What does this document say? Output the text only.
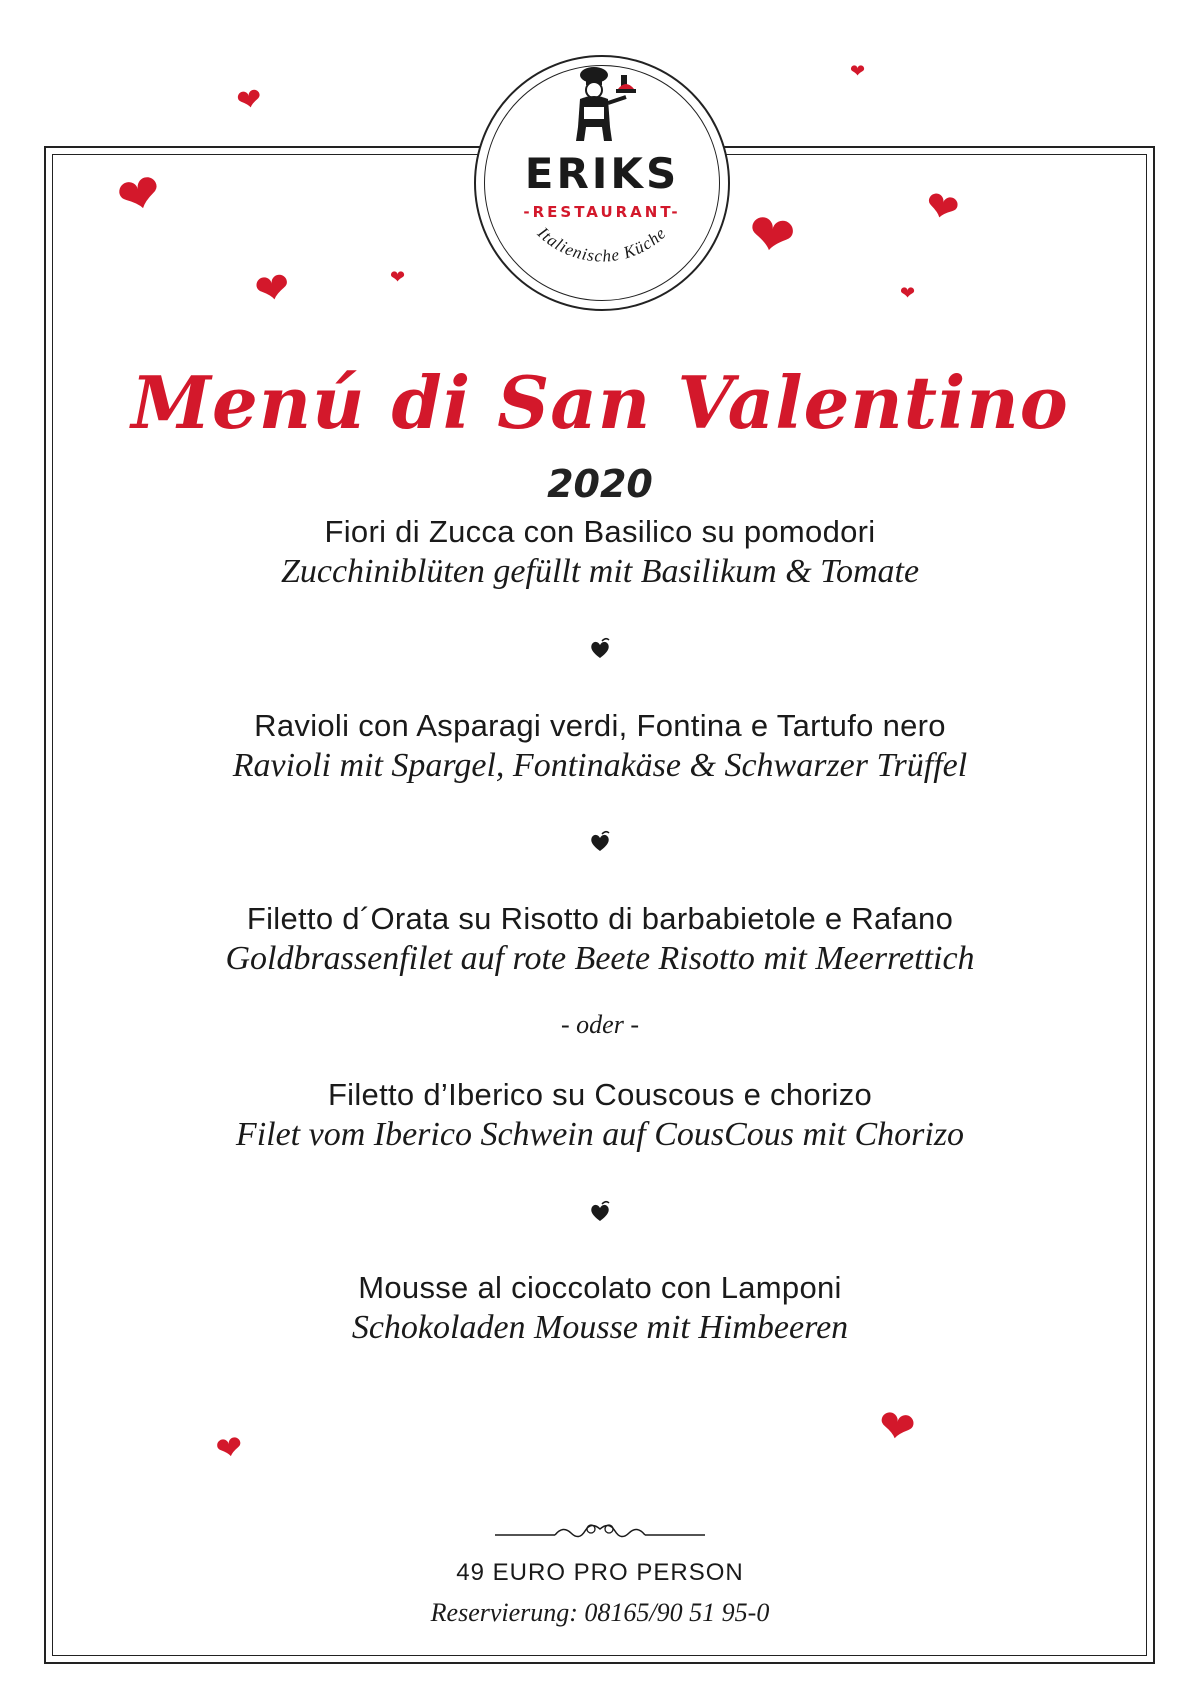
❤
❤
❤	❤
❤
❤	❤
❤
❤	❤
ERIKS
-RESTAURANT-
Italienische Küche
Menú di San Valentino
2020
Fiori di Zucca con Basilico su pomodori
Zucchiniblüten gefüllt mit Basilikum & Tomate
Ravioli con Asparagi verdi, Fontina e Tartufo nero
Ravioli mit Spargel, Fontinakäse & Schwarzer Trüffel
Filetto d´Orata su Risotto di barbabietole e Rafano
Goldbrassenfilet auf rote Beete Risotto mit Meerrettich
- oder -
Filetto d’Iberico su Couscous e chorizo
Filet vom Iberico Schwein auf CousCous mit Chorizo
Mousse al cioccolato con Lamponi
Schokoladen Mousse mit Himbeeren
49 EURO PRO PERSON
Reservierung: 08165/90 51 95-0
